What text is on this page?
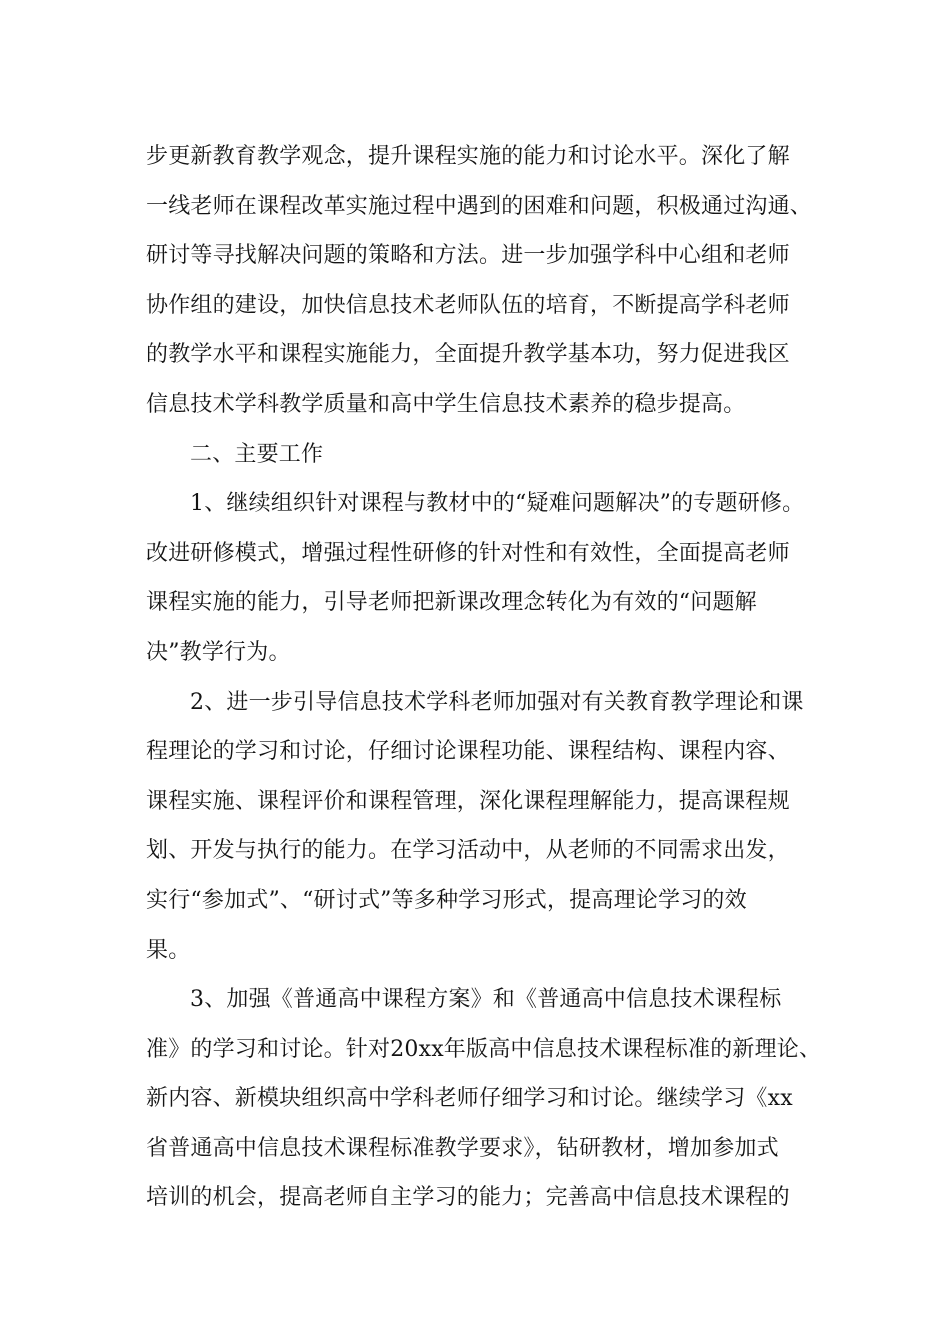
步更新教育教学观念，提升课程实施的能力和讨论水平。深化了解
一线老师在课程改革实施过程中遇到的困难和问题，积极通过沟通、
研讨等寻找解决问题的策略和方法。进一步加强学科中心组和老师
协作组的建设，加快信息技术老师队伍的培育，不断提高学科老师
的教学水平和课程实施能力，全面提升教学基本功，努力促进我区
信息技术学科教学质量和高中学生信息技术素养的稳步提高。
二、主要工作
1、继续组织针对课程与教材中的“疑难问题解决”的专题研修。
改进研修模式，增强过程性研修的针对性和有效性，全面提高老师
课程实施的能力，引导老师把新课改理念转化为有效的“问题解
决”教学行为。
2、进一步引导信息技术学科老师加强对有关教育教学理论和课
程理论的学习和讨论，仔细讨论课程功能、课程结构、课程内容、
课程实施、课程评价和课程管理，深化课程理解能力，提高课程规
划、开发与执行的能力。在学习活动中，从老师的不同需求出发，
实行“参加式”、“研讨式”等多种学习形式，提高理论学习的效
果。
3、加强《普通高中课程方案》和《普通高中信息技术课程标
准》的学习和讨论。针对20xx年版高中信息技术课程标准的新理论、
新内容、新模块组织高中学科老师仔细学习和讨论。继续学习《xx
省普通高中信息技术课程标准教学要求》，钻研教材，增加参加式
培训的机会，提高老师自主学习的能力；完善高中信息技术课程的
